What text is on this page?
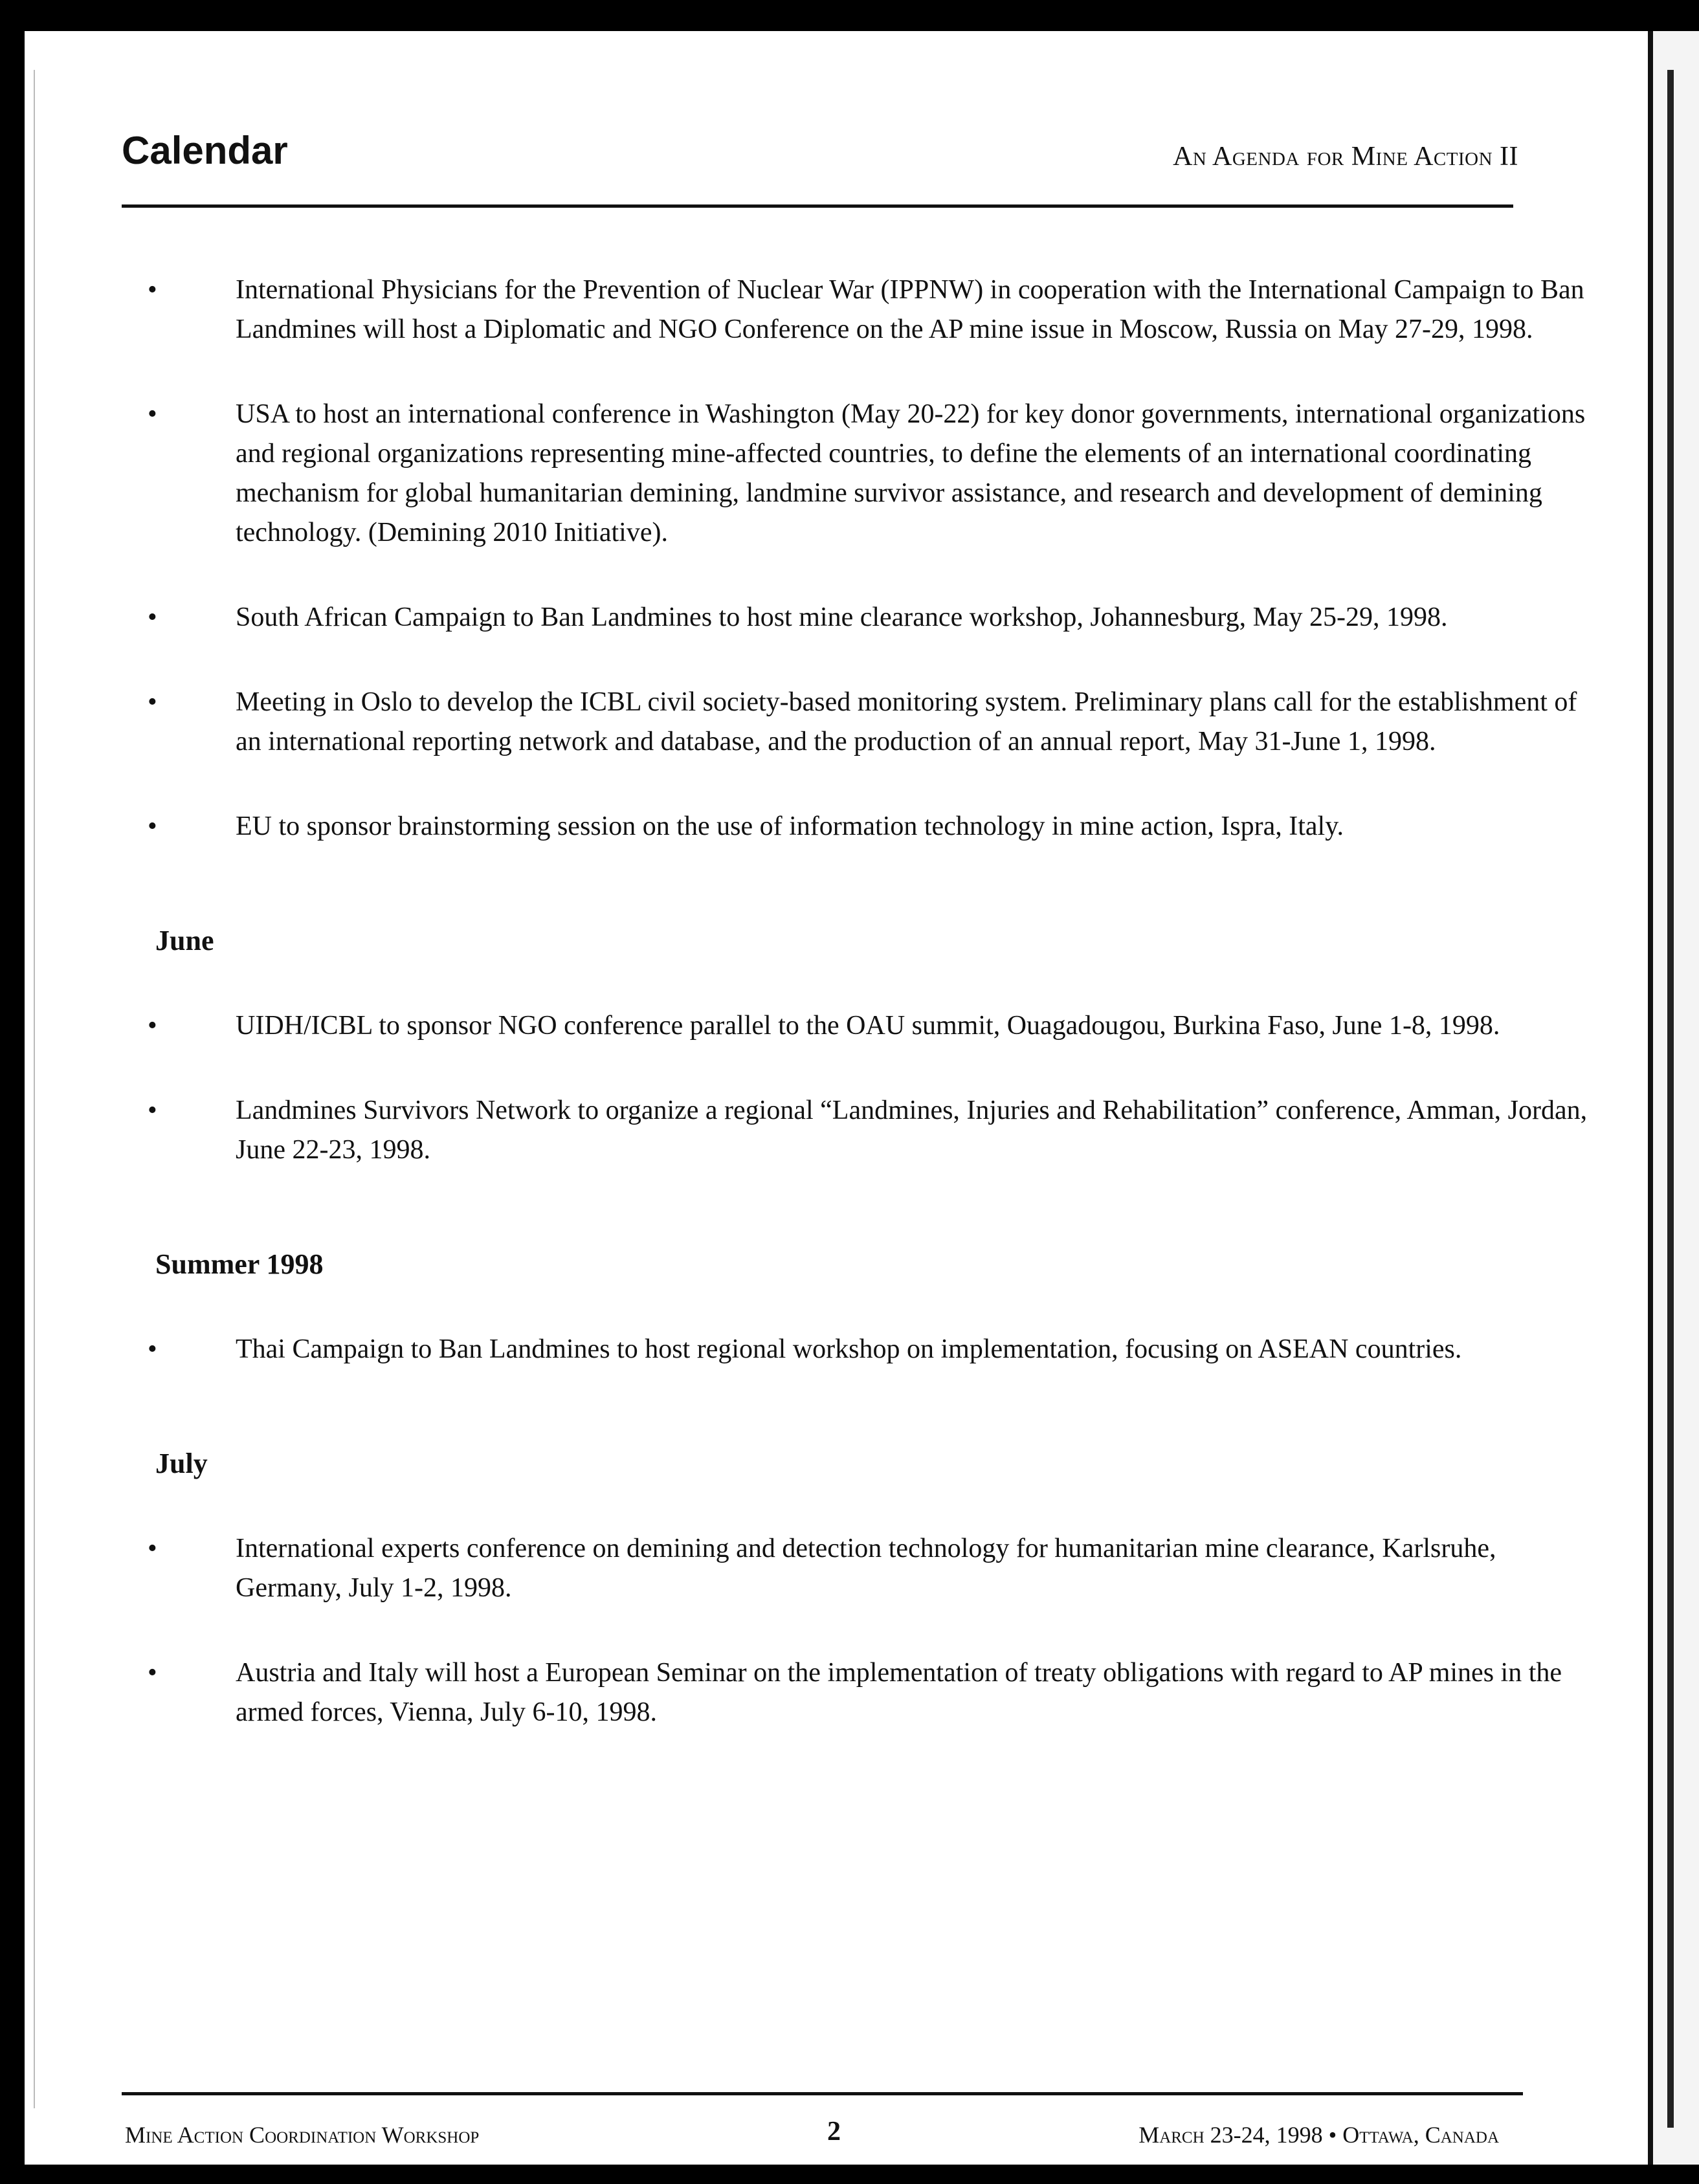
Calendar	An Agenda for Mine Action II
•	International Physicians for the Prevention of Nuclear War (IPPNW) in cooperation with the International Campaign to Ban Landmines will host a Diplomatic and NGO Conference on the AP mine issue in Moscow, Russia on May 27-29, 1998.
•	USA to host an international conference in Washington (May 20-22) for key donor governments, international organizations and regional organizations representing mine-affected countries, to define the elements of an international coordinating mechanism for global humanitarian demining, landmine survivor assistance, and research and development of demining technology. (Demining 2010 Initiative).
•	South African Campaign to Ban Landmines to host mine clearance workshop, Johannesburg, May 25-29, 1998.
•	Meeting in Oslo to develop the ICBL civil society-based monitoring system. Preliminary plans call for the establishment of an international reporting network and database, and the production of an annual report, May 31-June 1, 1998.
•	EU to sponsor brainstorming session on the use of information technology in mine action, Ispra, Italy.
June
•	UIDH/ICBL to sponsor NGO conference parallel to the OAU summit, Ouagadougou, Burkina Faso, June 1-8, 1998.
•	Landmines Survivors Network to organize a regional “Landmines, Injuries and Rehabilitation” conference, Amman, Jordan, June 22-23, 1998.
Summer 1998
•	Thai Campaign to Ban Landmines to host regional workshop on implementation, focusing on ASEAN countries.
July
•	International experts conference on demining and detection technology for humanitarian mine clearance, Karlsruhe, Germany, July 1-2, 1998.
•	Austria and Italy will host a European Seminar on the implementation of treaty obligations with regard to AP mines in the armed forces, Vienna, July 6-10, 1998.
Mine Action Coordination Workshop	2	March 23-24, 1998 • Ottawa, Canada
